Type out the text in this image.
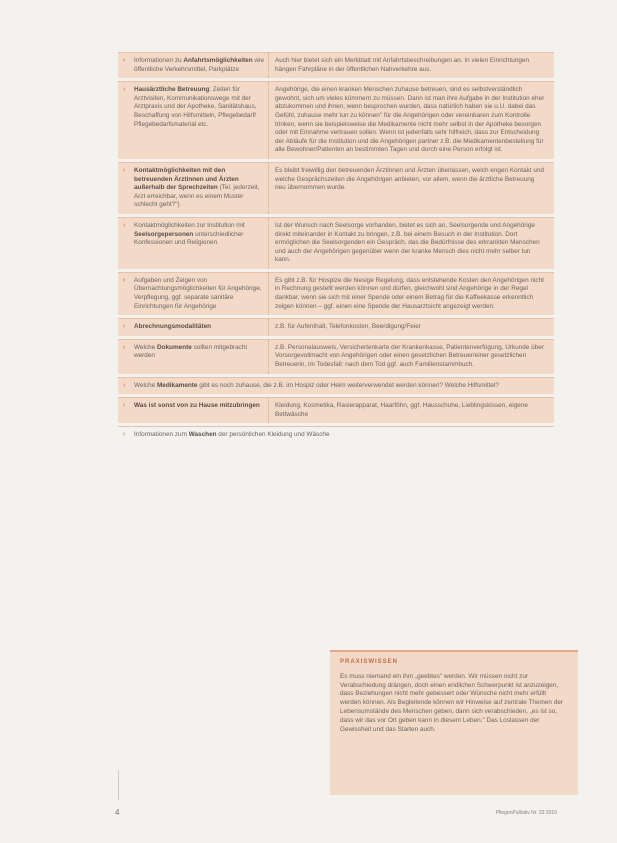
› Informationen zu Anfahrtsmöglichkeiten wie öffentliche Verkehrsmittel, Parkplätze
Auch hier bietet sich ein Merkblatt mit Anfahrtsbeschreibungen an. In vielen Einrichtungen hängen Fahrpläne in der öffentlichen Nahverkehre aus.
› Hausärztliche Betreuung: Zeiten für Arztvisiten, Kommunikationswege mit der Arztpraxis und der Apotheke, Sanitätshaus, Beschaffung von Hilfsmitteln, Pflegebedarf/ Pflegebedarfsmaterial etc.
Angehörige, die einen kranken Menschen zuhause betreuen, sind es selbstverständlich gewohnt, sich um vieles kümmern zu müssen. Dann ist man ihre Aufgabe in der Institution eher abzukommen und ihnen, wenn besprochen wurden, dass natürlich haben sie u.U. dabei das Gefühl, zuhause mehr tun zu können" für die Angehörigen oder vereinbaren zum Kontrolle trinken, wenn sie beispielsweise die Medikamente nicht mehr selbst in der Apotheke besorgen oder mit Einnahme vertrauen sollen. Wenn ist jedenfalls sehr hilfreich, dass zur Entscheidung der Abläufe für die Institution und die Angehörigen partner z.B. die Medikamentenbestellung für alle Bewohner/Patienten an bestimmten Tagen und durch eine Person erfolgt ist.
› Kontaktmöglichkeiten mit den betreuenden Ärztinnen und Ärzten außerhalb der Sprechzeiten (Tel. jederzeit, Arzt erreichbar, wenn es einem Muster schlecht geht?")
Es bleibt freiwillig den betreuenden Ärztinnen und Ärzten überlassen, welch engen Kontakt und welche Gesprächszeiten die Angehörigen anbieten, vor allem, wenn die ärztliche Betreuung neu übernommen wurde.
› Kontaktmöglichkeiten zur Institution mit Seelsorgepersonen unterschiedlicher Konfessionen und Religionen
Ist der Wunsch nach Seelsorge vorhanden, bietet es sich an, Seelsorgende und Angehörige direkt miteinander in Kontakt zu bringen, z.B. bei einem Besuch in der Institution. Dort ermöglichen die Seelsorgenden ein Gespräch, das die Bedürfnisse des erkrankten Menschen und auch der Angehörigen gegenüber wenn der kranke Mensch dies nicht mehr selber tun kann.
› Aufgaben und Zeigen von Übernachtungsmöglichkeiten für Angehörige, Verpflegung, ggf. separate sanitäre Einrichtungen für Angehörige
Es gibt z.B. für Hospize die hiesige Regelung, dass entstehende Kosten den Angehörigen nicht in Rechnung gestellt werden können und dürfen, gleichwohl sind Angehörige in der Regel dankbar, wenn sie sich mit einer Spende oder einem Betrag für die Kaffeekasse erkenntlich zeigen können – ggf. einen eine Spende der Hausarztsicht angezeigt werden.
› Abrechnungsmodalitäten	z.B. für Aufenthalt, Telefonkosten, Beerdigung/Feier
› Welche Dokumente sollten mitgebracht werden
z.B. Personalausweis, Versichertenkarte der Krankenkasse, Patientenverfügung, Urkunde über Vorsorgevollmacht von Angehörigen oder einen gesetzlichen Betreuer/einer gesetzlichen Betreuerin, im Todesfall: nach dem Tod ggf. auch Familienstammbuch.
› Welche Medikamente gibt es noch zuhause, die z.B. im Hospiz oder Heim weiterverwendet werden können? Welche Hilfsmittel?
› Was ist sonst von zu Hause mitzubringen	Kleidung, Kosmetika, Rasierapparat, Haarföhn, ggf. Hausschuhe, Lieblingskissen, eigene Bettwäsche
› Informationen zum Waschen der persönlichen Kleidung und Wäsche
PRAXISWISSEN
Es muss niemand ein ihm „geebtes" werden. Wir müssen nicht zur Verabschiedung drängen, doch einen endlichen Schwerpunkt ist anzuzeigen, dass Beziehungen nicht mehr gebessert oder Wünsche nicht mehr erfüllt werden können. Als Begleitende können wir Hinweise auf zentrale Themen der Lebensumstände des Menschen geben, dann sich verabschieden, „es ist so, dass wir das vor Ort geben kann in diesem Leben." Das Loslassen der Gewissheit und das Starten auch.
4	PflegenPalliativ Nr. 33 2016
